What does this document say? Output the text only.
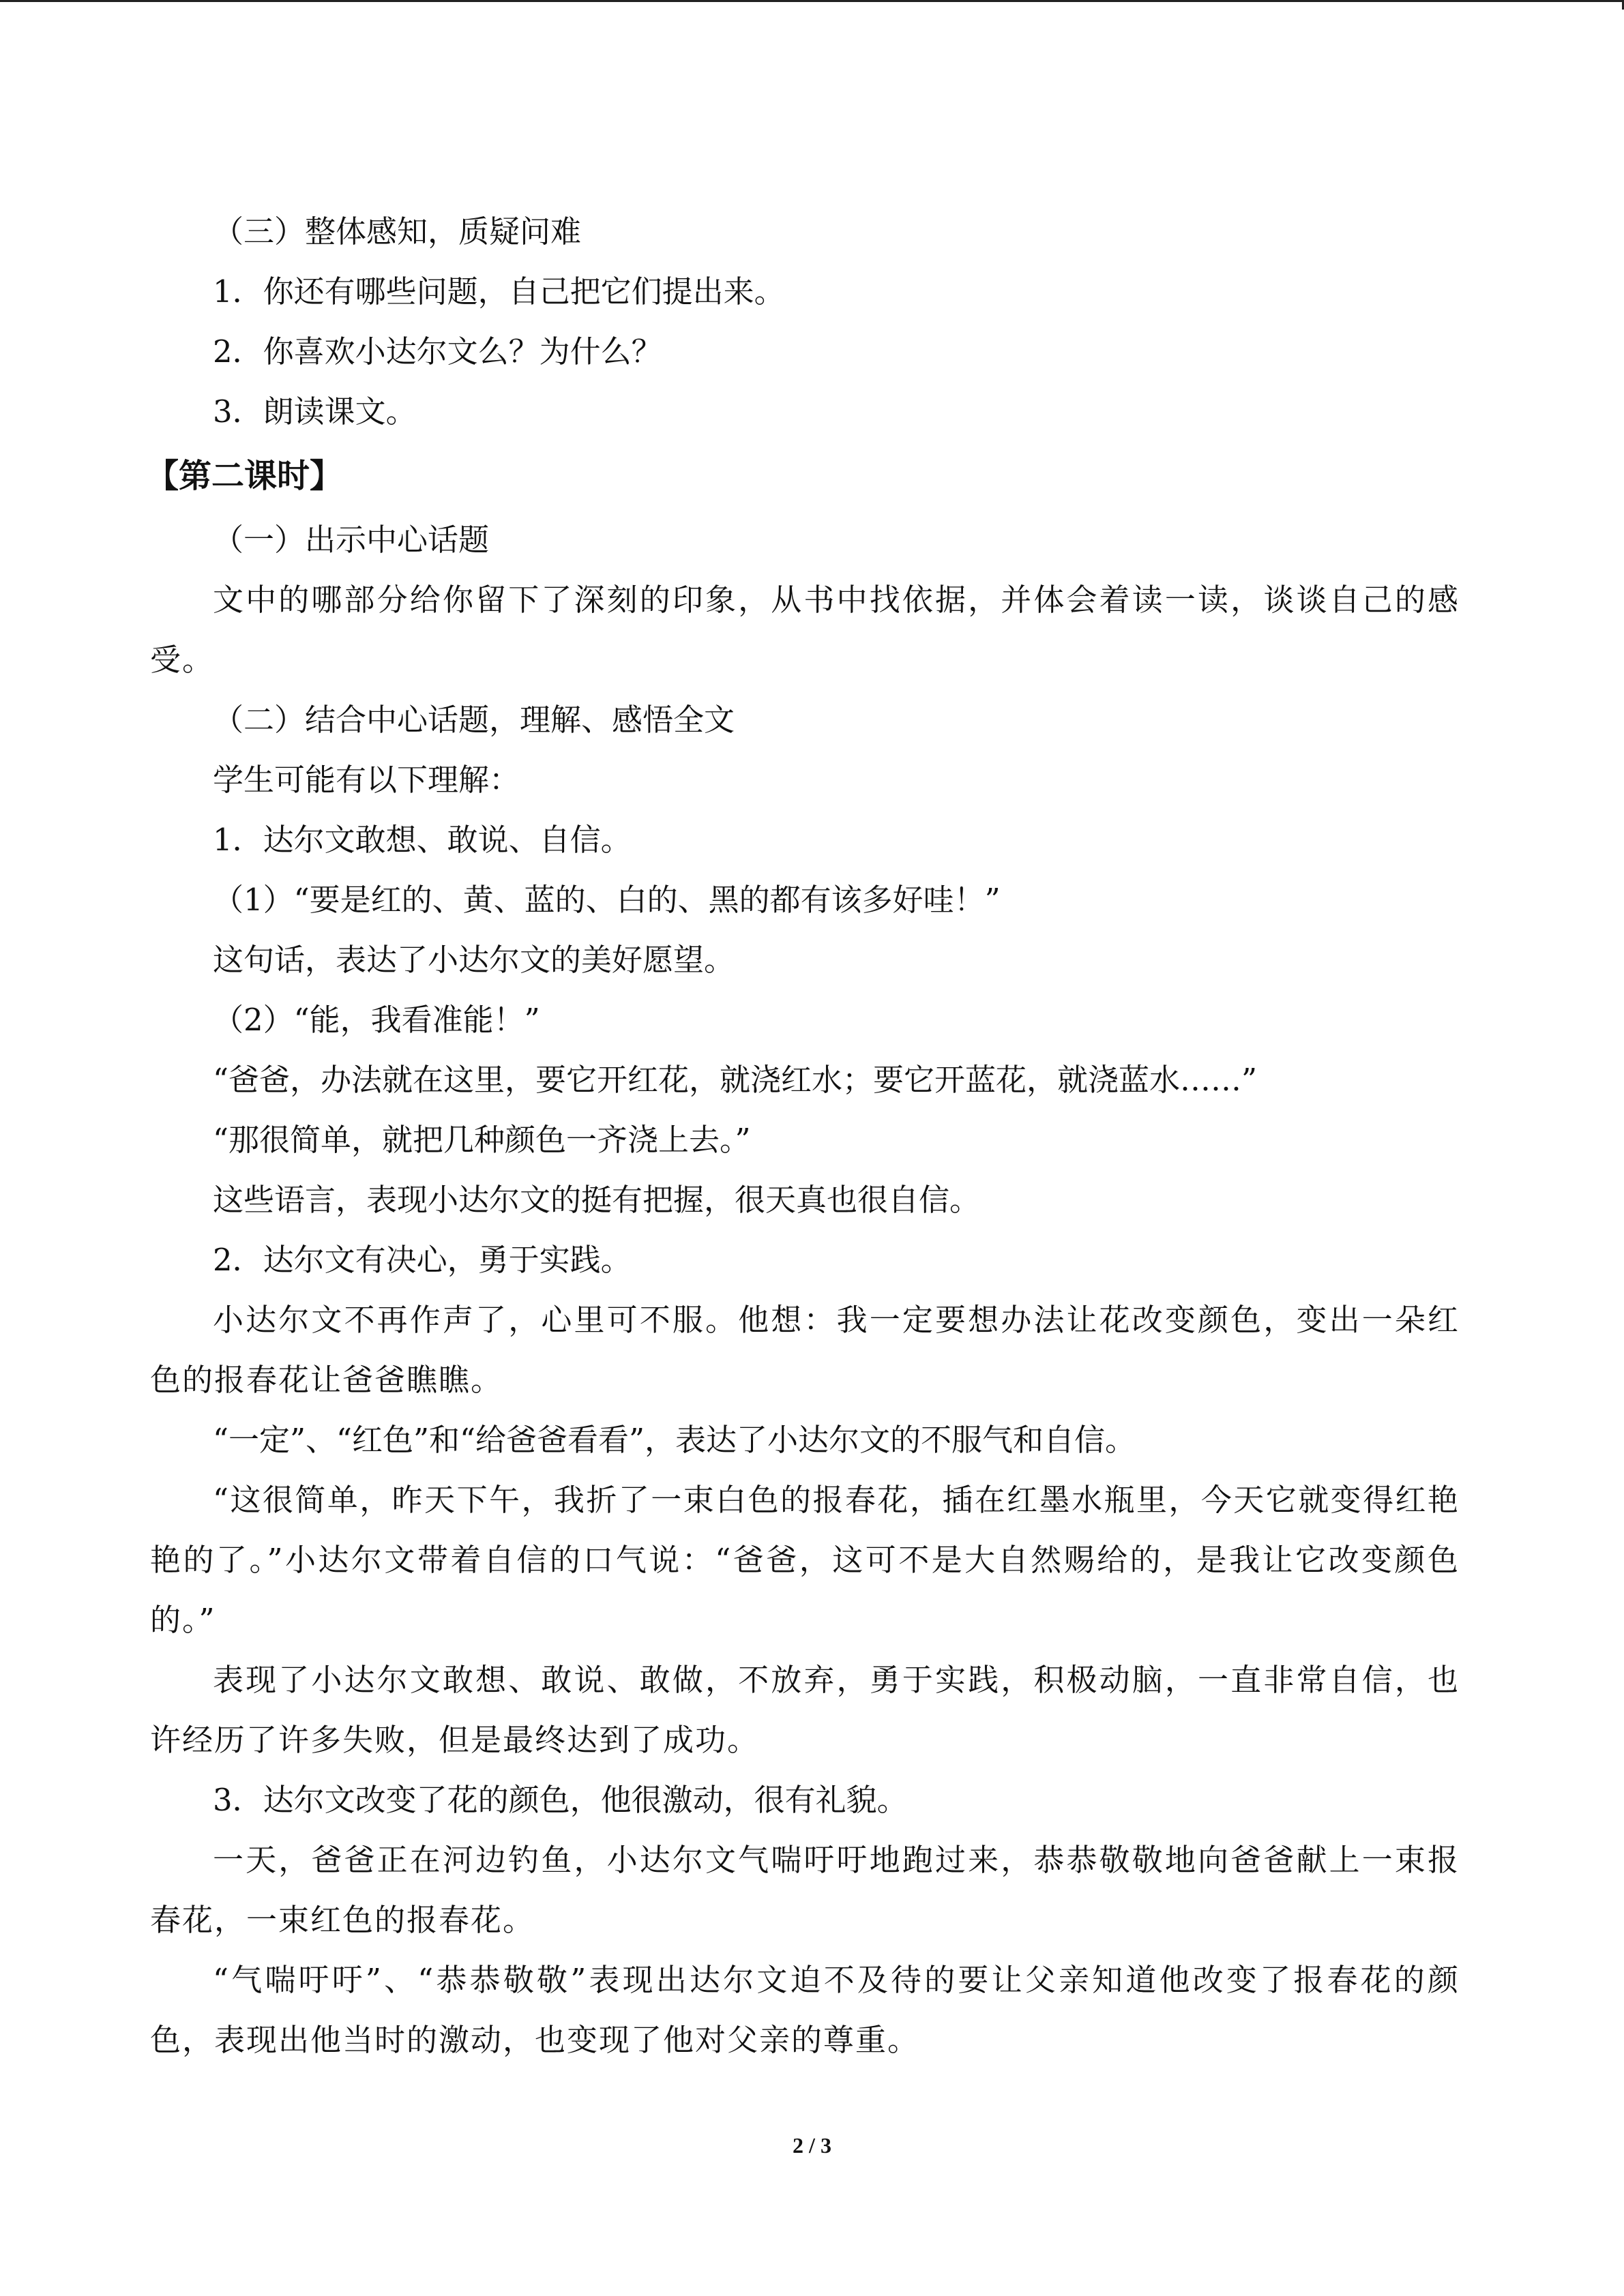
（三）整体感知，质疑问难

1．你还有哪些问题，自己把它们提出来。

2．你喜欢小达尔文么？为什么？

3．朗读课文。

【第二课时】

（一）出示中心话题

文中的哪部分给你留下了深刻的印象，从书中找依据，并体会着读一读，谈谈自己的感受。

（二）结合中心话题，理解、感悟全文

学生可能有以下理解：

1．达尔文敢想、敢说、自信。

（1）“要是红的、黄、蓝的、白的、黑的都有该多好哇！”

这句话，表达了小达尔文的美好愿望。

（2）“能，我看准能！”

“爸爸，办法就在这里，要它开红花，就浇红水；要它开蓝花，就浇蓝水……”

“那很简单，就把几种颜色一齐浇上去。”

这些语言，表现小达尔文的挺有把握，很天真也很自信。

2．达尔文有决心，勇于实践。

小达尔文不再作声了，心里可不服。他想：我一定要想办法让花改变颜色，变出一朵红色的报春花让爸爸瞧瞧。

“一定”、“红色”和“给爸爸看看”，表达了小达尔文的不服气和自信。

“这很简单，昨天下午，我折了一束白色的报春花，插在红墨水瓶里，今天它就变得红艳艳的了。”小达尔文带着自信的口气说：“爸爸，这可不是大自然赐给的，是我让它改变颜色的。”

表现了小达尔文敢想、敢说、敢做，不放弃，勇于实践，积极动脑，一直非常自信，也许经历了许多失败，但是最终达到了成功。

3．达尔文改变了花的颜色，他很激动，很有礼貌。

一天，爸爸正在河边钓鱼，小达尔文气喘吁吁地跑过来，恭恭敬敬地向爸爸献上一束报春花，一束红色的报春花。

“气喘吁吁”、“恭恭敬敬”表现出达尔文迫不及待的要让父亲知道他改变了报春花的颜色，表现出他当时的激动，也变现了他对父亲的尊重。

2 / 3
